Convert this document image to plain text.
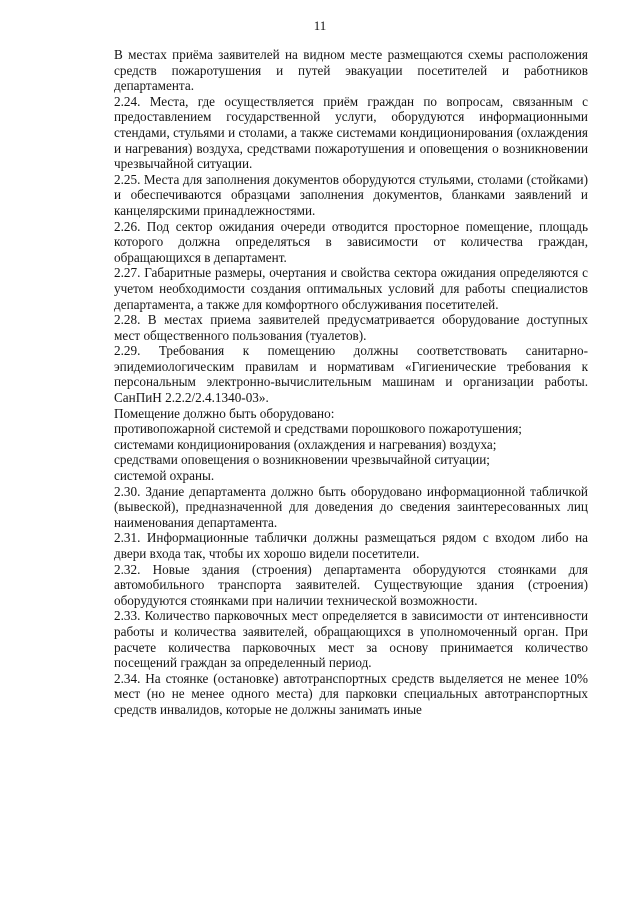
11

В местах приёма заявителей на видном месте размещаются схемы расположения средств пожаротушения и путей эвакуации посетителей и работников департамента.

2.24. Места, где осуществляется приём граждан по вопросам, связанным с предоставлением государственной услуги, оборудуются информационными стендами, стульями и столами, а также системами кондиционирования (охлаждения и нагревания) воздуха, средствами пожаротушения и оповещения о возникновении чрезвычайной ситуации.

2.25. Места для заполнения документов оборудуются стульями, столами (стойками) и обеспечиваются образцами заполнения документов, бланками заявлений и канцелярскими принадлежностями.

2.26. Под сектор ожидания очереди отводится просторное помещение, площадь которого должна определяться в зависимости от количества граждан, обращающихся в департамент.

2.27. Габаритные размеры, очертания и свойства сектора ожидания определяются с учетом необходимости создания оптимальных условий для работы специалистов департамента, а также для комфортного обслуживания посетителей.

2.28. В местах приема заявителей предусматривается оборудование доступных мест общественного пользования (туалетов).

2.29. Требования к помещению должны соответствовать санитарно-эпидемиологическим правилам и нормативам «Гигиенические требования к персональным электронно-вычислительным машинам и организации работы. СанПиН 2.2.2/2.4.1340-03».

Помещение должно быть оборудовано:

противопожарной системой и средствами порошкового пожаротушения;

системами кондиционирования (охлаждения и нагревания) воздуха;

средствами оповещения о возникновении чрезвычайной ситуации;

системой охраны.

2.30. Здание департамента должно быть оборудовано информационной табличкой (вывеской), предназначенной для доведения до сведения заинтересованных лиц наименования департамента.

2.31. Информационные таблички должны размещаться рядом с входом либо на двери входа так, чтобы их хорошо видели посетители.

2.32. Новые здания (строения) департамента оборудуются стоянками для автомобильного транспорта заявителей. Существующие здания (строения) оборудуются стоянками при наличии технической возможности.

2.33. Количество парковочных мест определяется в зависимости от интенсивности работы и количества заявителей, обращающихся в уполномоченный орган. При расчете количества парковочных мест за основу принимается количество посещений граждан за определенный период.

2.34. На стоянке (остановке) автотранспортных средств выделяется не менее 10% мест (но не менее одного места) для парковки специальных автотранспортных средств инвалидов, которые не должны занимать иные
